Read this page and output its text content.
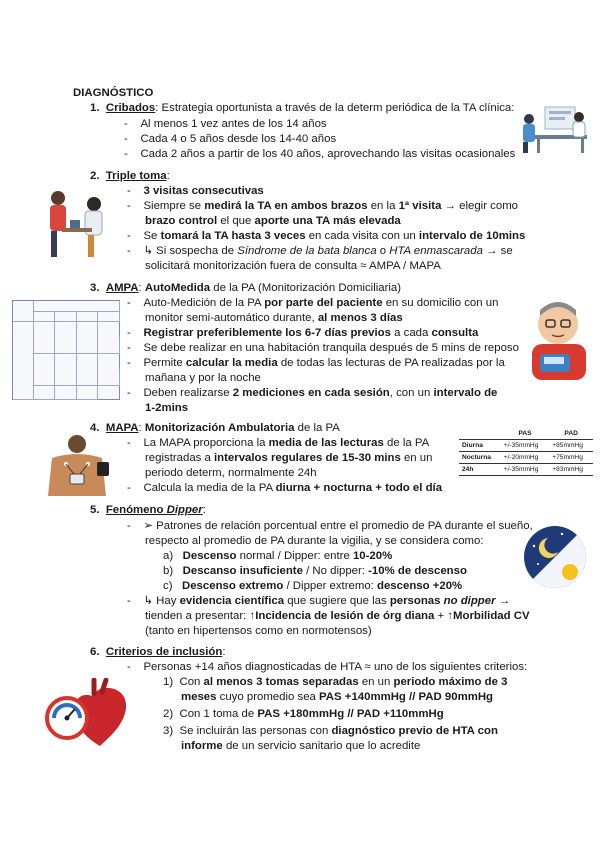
DIAGNÓSTICO
1. Cribados: Estrategia oportunista a través de la determ periódica de la TA clínica:
-    Al menos 1 vez antes de los 14 años
-    Cada 4 o 5 años desde los 14-40 años
-    Cada 2 años a partir de los 40 años, aprovechando las visitas ocasionales
2. Triple toma:
-    3 visitas consecutivas
-    Siempre se medirá la TA en ambos brazos en la 1ª visita → elegir como
brazo control el que aporte una TA más elevada
-    Se tomará la TA hasta 3 veces en cada visita con un intervalo de 10mins
-    ↳ Si sospecha de Síndrome de la bata blanca o HTA enmascarada → se
solicitará monitorización fuera de consulta ≈ AMPA / MAPA
3. AMPA: AutoMedida de la PA (Monitorización Domiciliaria)
-    Auto-Medición de la PA por parte del paciente en su domicilio con un
monitor semi-automático durante, al menos 3 días
-    Registrar preferiblemente los 6-7 días previos a cada consulta
-    Se debe realizar en una habitación tranquila después de 5 mins de reposo
-    Permite calcular la media de todas las lecturas de PA realizadas por la
mañana y por la noche
-    Deben realizarse 2 mediciones en cada sesión, con un intervalo de
1-2mins
4. MAPA: Monitorización Ambulatoria de la PA
-    La MAPA proporciona la media de las lecturas de la PA
registradas a intervalos regulares de 15-30 mins en un
periodo determ, normalmente 24h
-    Calcula la media de la PA diurna + nocturna + todo el día
	PAS	PAD
Diurna	+/-35mmHg	+85mmHg
Nocturna	+/-20mmHg	+75mmHg
24h	+/-35mmHg	+83mmHg
5. Fenómeno Dipper:
-    ➢ Patrones de relación porcentual entre el promedio de PA durante el sueño,
respecto al promedio de PA durante la vigilia, y se considera como:
a) Descenso normal / Dipper: entre 10-20%
b) Descanso insuficiente / No dipper: -10% de descenso
c) Descenso extremo / Dipper extremo: descenso +20%
-    ↳ Hay evidencia científica que sugiere que las personas no dipper →
tienden a presentar: ↑Incidencia de lesión de órg diana + ↑Morbilidad CV
(tanto en hipertensos como en normotensos)
6. Criterios de inclusión:
-    Personas +14 años diagnosticadas de HTA ≈ uno de los siguientes criterios:
1) Con al menos 3 tomas separadas en un periodo máximo de 3
meses cuyo promedio sea PAS +140mmHg // PAD 90mmHg
2) Con 1 toma de PAS +180mmHg // PAD +110mmHg
3) Se incluirán las personas con diagnóstico previo de HTA con
informe de un servicio sanitario que lo acredite
